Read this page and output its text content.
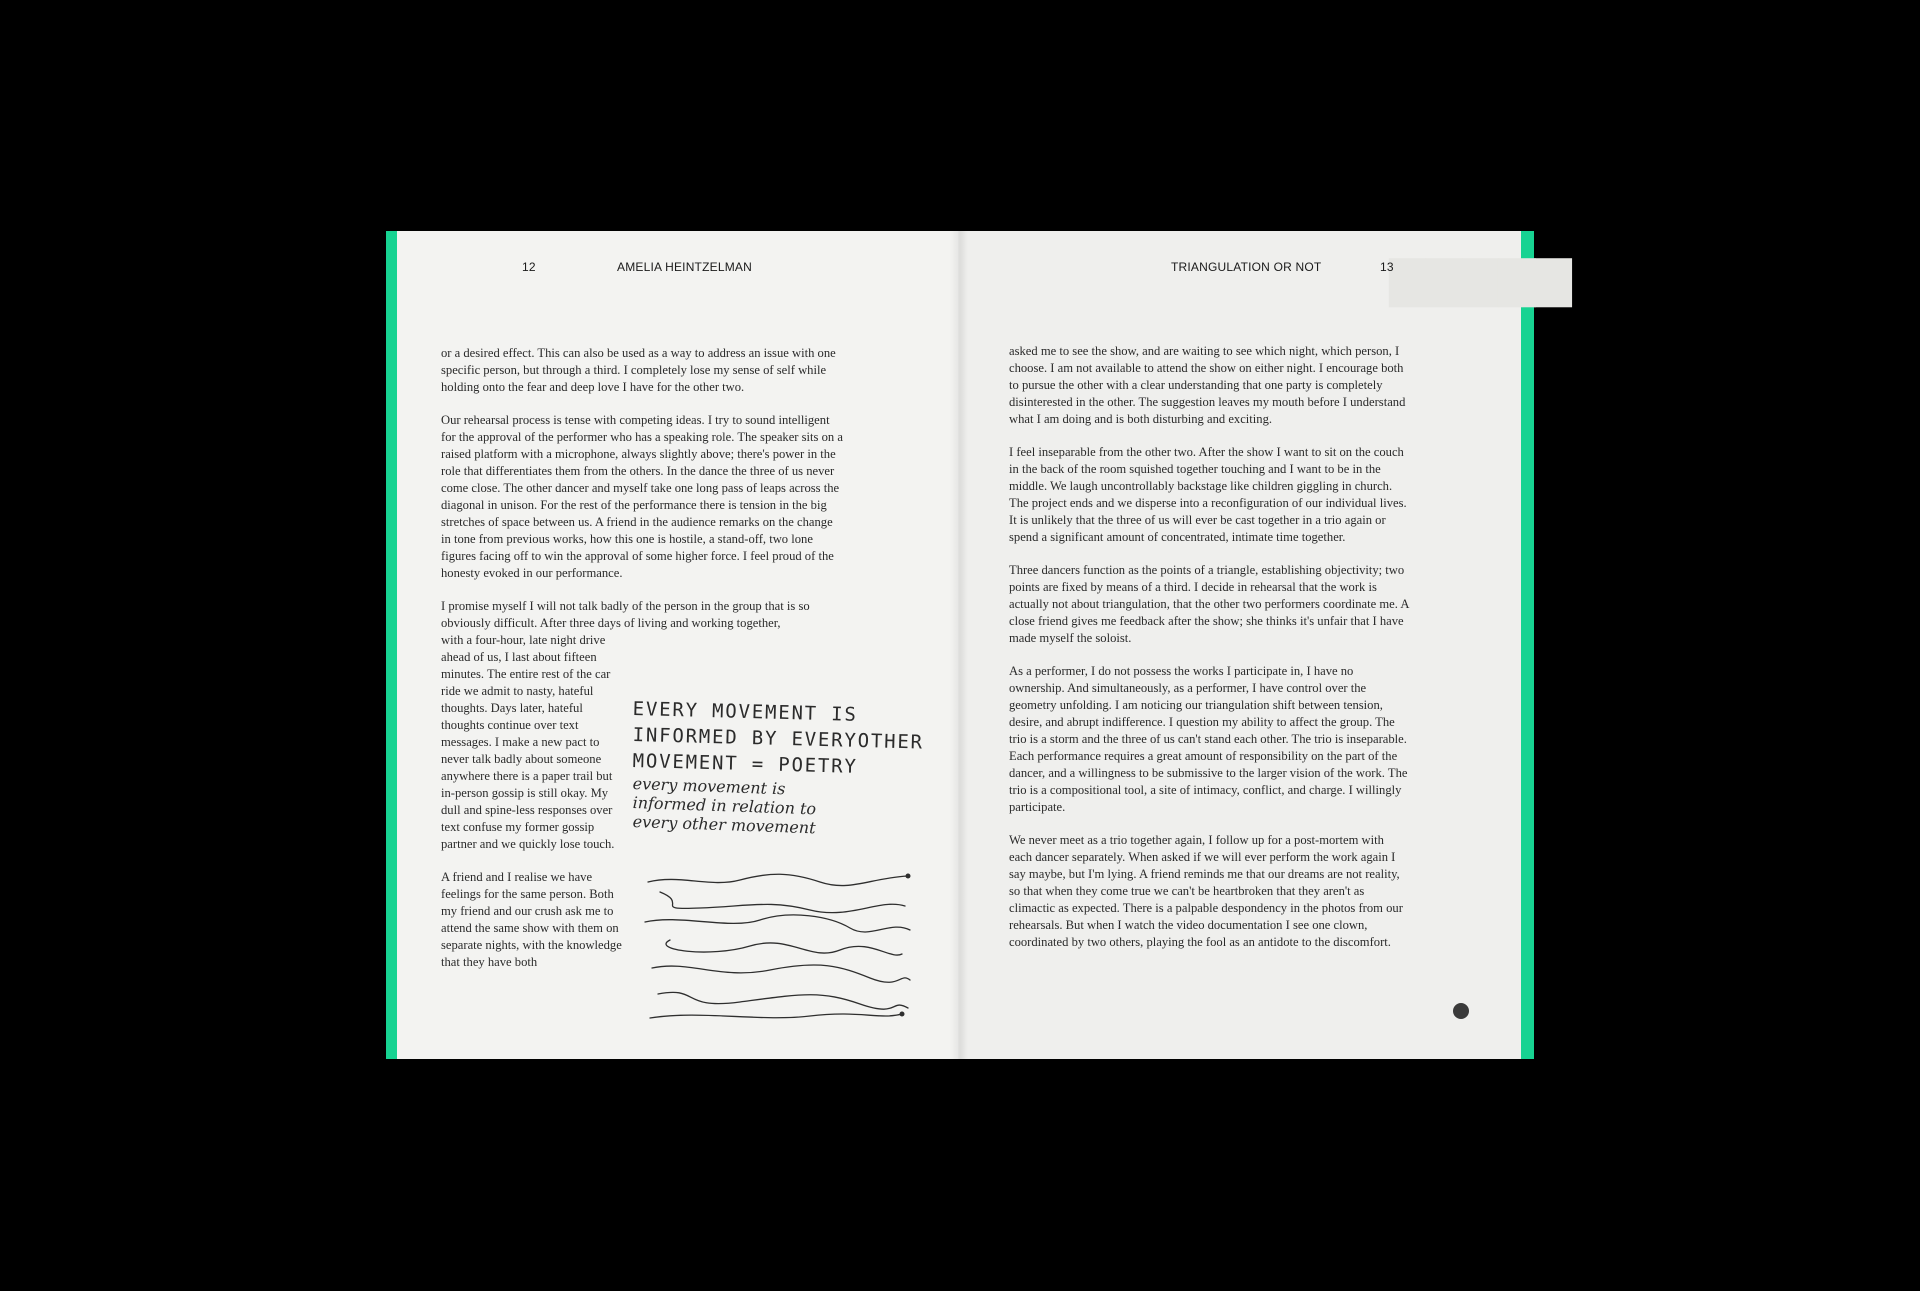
▇▇▇▇▇
12	AMELIA HEINTZELMAN	TRIANGULATION OR NOT	13

or a desired effect. This can also be used as a way to address an issue with one specific person, but through a third. I completely lose my sense of self while holding onto the fear and deep love I have for the other two.

Our rehearsal process is tense with competing ideas. I try to sound intelligent for the approval of the performer who has a speaking role. The speaker sits on a raised platform with a microphone, always slightly above; there's power in the role that differentiates them from the others. In the dance the three of us never come close. The other dancer and myself take one long pass of leaps across the diagonal in unison. For the rest of the performance there is tension in the big stretches of space between us. A friend in the audience remarks on the change in tone from previous works, how this one is hostile, a stand-off, two lone figures facing off to win the approval of some higher force. I feel proud of the honesty evoked in our performance.

I promise myself I will not talk badly of the person in the group that is so obviously difficult. After three days of living and working together,

with a four-hour, late night drive ahead of us, I last about fifteen minutes. The entire rest of the car ride we admit to nasty, hateful thoughts. Days later, hateful thoughts continue over text messages. I make a new pact to never talk badly about someone anywhere there is a paper trail but in-person gossip is still okay. My dull and spine-less responses over text confuse my former gossip partner and we quickly lose touch.

A friend and I realise we have feelings for the same person. Both my friend and our crush ask me to attend the same show with them on separate nights, with the knowledge that they have both

EVERY MOVEMENT IS
INFORMED BY EVERYOTHER
MOVEMENT = POETRY
every movement is
informed in relation to
every other movement

asked me to see the show, and are waiting to see which night, which person, I choose. I am not available to attend the show on either night. I encourage both to pursue the other with a clear understanding that one party is completely disinterested in the other. The suggestion leaves my mouth before I understand what I am doing and is both disturbing and exciting.

I feel inseparable from the other two. After the show I want to sit on the couch in the back of the room squished together touching and I want to be in the middle. We laugh uncontrollably backstage like children giggling in church. The project ends and we disperse into a reconfiguration of our individual lives. It is unlikely that the three of us will ever be cast together in a trio again or spend a significant amount of concentrated, intimate time together.

Three dancers function as the points of a triangle, establishing objectivity; two points are fixed by means of a third. I decide in rehearsal that the work is actually not about triangulation, that the other two performers coordinate me. A close friend gives me feedback after the show; she thinks it's unfair that I have made myself the soloist.

As a performer, I do not possess the works I participate in, I have no ownership. And simultaneously, as a performer, I have control over the geometry unfolding. I am noticing our triangulation shift between tension, desire, and abrupt indifference. I question my ability to affect the group. The trio is a storm and the three of us can't stand each other. The trio is inseparable. Each performance requires a great amount of responsibility on the part of the dancer, and a willingness to be submissive to the larger vision of the work. The trio is a compositional tool, a site of intimacy, conflict, and charge. I willingly participate.

We never meet as a trio together again, I follow up for a post-mortem with each dancer separately. When asked if we will ever perform the work again I say maybe, but I'm lying. A friend reminds me that our dreams are not reality, so that when they come true we can't be heartbroken that they aren't as climactic as expected. There is a palpable despondency in the photos from our rehearsals. But when I watch the video documentation I see one clown, coordinated by two others, playing the fool as an antidote to the discomfort.
